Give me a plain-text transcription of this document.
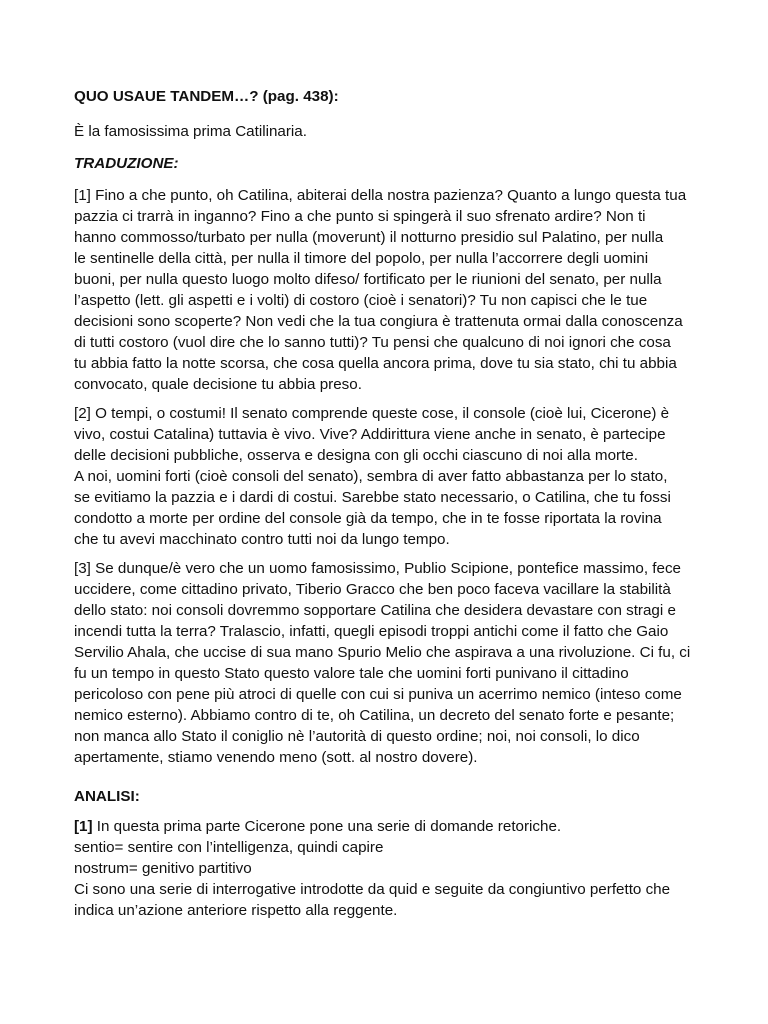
QUO USAUE TANDEM…? (pag. 438):
È la famosissima prima Catilinaria.
TRADUZIONE:
[1] Fino a che punto, oh Catilina, abiterai della nostra pazienza? Quanto a lungo questa tua
pazzia ci trarrà in inganno? Fino a che punto si spingerà il suo sfrenato ardire? Non ti
hanno commosso/turbato per nulla (moverunt) il notturno presidio sul Palatino, per nulla
le sentinelle della città, per nulla il timore del popolo, per nulla l’accorrere degli uomini
buoni, per nulla questo luogo molto difeso/ fortificato per le riunioni del senato, per nulla
l’aspetto (lett. gli aspetti e i volti) di costoro (cioè i senatori)? Tu non capisci che le tue
decisioni sono scoperte? Non vedi che la tua congiura è trattenuta ormai dalla conoscenza
di tutti costoro (vuol dire che lo sanno tutti)? Tu pensi che qualcuno di noi ignori che cosa
tu abbia fatto la notte scorsa, che cosa quella ancora prima, dove tu sia stato, chi tu abbia
convocato, quale decisione tu abbia preso.
[2] O tempi, o costumi! Il senato comprende queste cose, il console (cioè lui, Cicerone) è
vivo, costui Catalina) tuttavia è vivo. Vive? Addirittura viene anche in senato, è partecipe
delle decisioni pubbliche, osserva e designa con gli occhi ciascuno di noi alla morte.
A noi, uomini forti (cioè consoli del senato), sembra di aver fatto abbastanza per lo stato,
se evitiamo la pazzia e i dardi di costui. Sarebbe stato necessario, o Catilina, che tu fossi
condotto a morte per ordine del console già da tempo, che in te fosse riportata la rovina
che tu avevi macchinato contro tutti noi da lungo tempo.
[3] Se dunque/è vero che un uomo famosissimo, Publio Scipione, pontefice massimo, fece
uccidere, come cittadino privato, Tiberio Gracco che ben poco faceva vacillare la stabilità
dello stato: noi consoli dovremmo sopportare Catilina che desidera devastare con stragi e
incendi tutta la terra? Tralascio, infatti, quegli episodi troppi antichi come il fatto che Gaio
Servilio Ahala, che uccise di sua mano Spurio Melio che aspirava a una rivoluzione. Ci fu, ci
fu un tempo in questo Stato questo valore tale che uomini forti punivano il cittadino
pericoloso con pene più atroci di quelle con cui si puniva un acerrimo nemico (inteso come
nemico esterno). Abbiamo contro di te, oh Catilina, un decreto del senato forte e pesante;
non manca allo Stato il coniglio nè l’autorità di questo ordine; noi, noi consoli, lo dico
apertamente, stiamo venendo meno (sott. al nostro dovere).
ANALISI:
[1] In questa prima parte Cicerone pone una serie di domande retoriche.
sentio= sentire con l’intelligenza, quindi capire
nostrum= genitivo partitivo
Ci sono una serie di interrogative introdotte da quid e seguite da congiuntivo perfetto che
indica un’azione anteriore rispetto alla reggente.
